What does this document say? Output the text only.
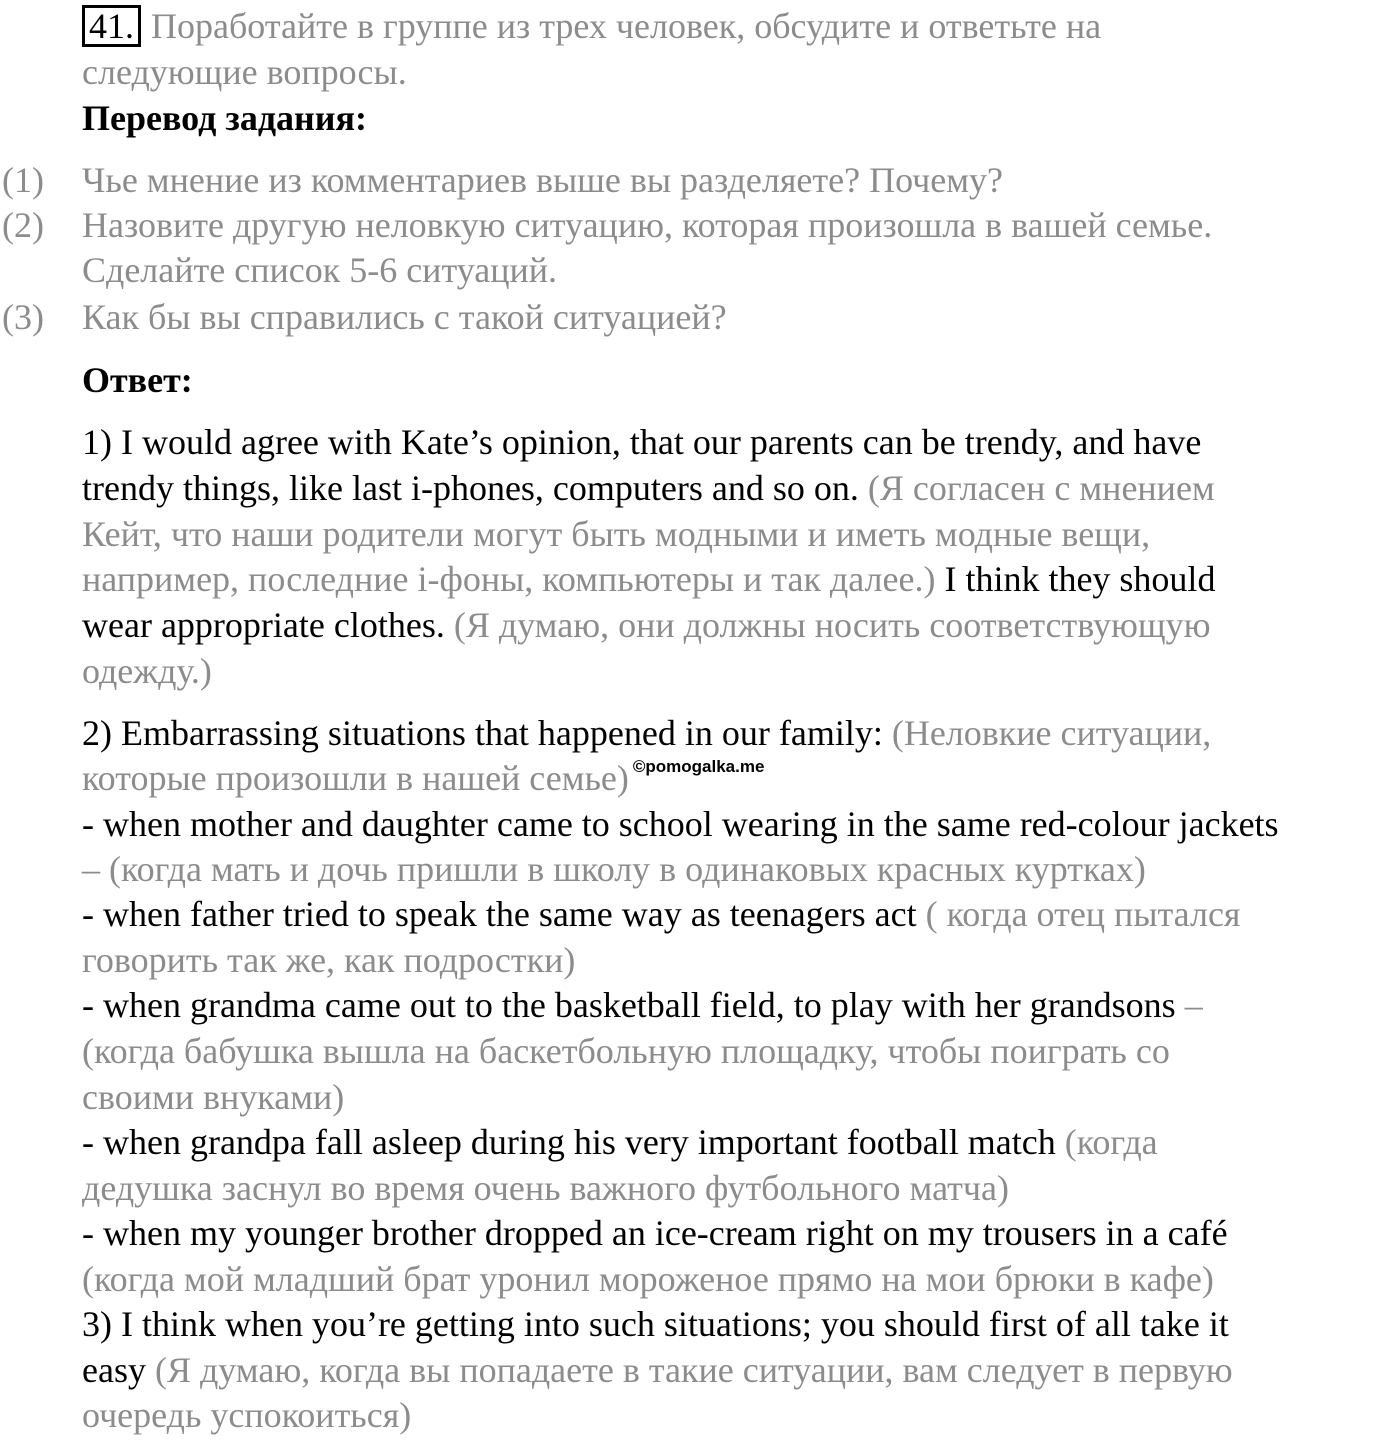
41. Поработайте в группе из трех человек, обсудите и ответьте на
следующие вопросы.
Перевод задания:
(1) Чье мнение из комментариев выше вы разделяете? Почему?
(2) Назовите другую неловкую ситуацию, которая произошла в вашей семье.
Сделайте список 5-6 ситуаций.
(3) Как бы вы справились с такой ситуацией?
Ответ:
1) I would agree with Kate’s opinion, that our parents can be trendy, and have
trendy things, like last i-phones, computers and so on. (Я согласен с мнением
Кейт, что наши родители могут быть модными и иметь модные вещи,
например, последние i-фоны, компьютеры и так далее.) I think they should
wear appropriate clothes. (Я думаю, они должны носить соответствующую
одежду.)
2) Embarrassing situations that happened in our family: (Неловкие ситуации,
которые произошли в нашей семье) $^{©pomogalka.me}$
- when mother and daughter came to school wearing in the same red-colour jackets
– (когда мать и дочь пришли в школу в одинаковых красных куртках)
- when father tried to speak the same way as teenagers act ( когда отец пытался
говорить так же, как подростки)
- when grandma came out to the basketball field, to play with her grandsons –
(когда бабушка вышла на баскетбольную площадку, чтобы поиграть со
своими внуками)
- when grandpa fall asleep during his very important football match (когда
дедушка заснул во время очень важного футбольного матча)
- when my younger brother dropped an ice-cream right on my trousers in a café
(когда мой младший брат уронил мороженое прямо на мои брюки в кафе)
3) I think when you’re getting into such situations; you should first of all take it
easy (Я думаю, когда вы попадаете в такие ситуации, вам следует в первую
очередь успокоиться)
